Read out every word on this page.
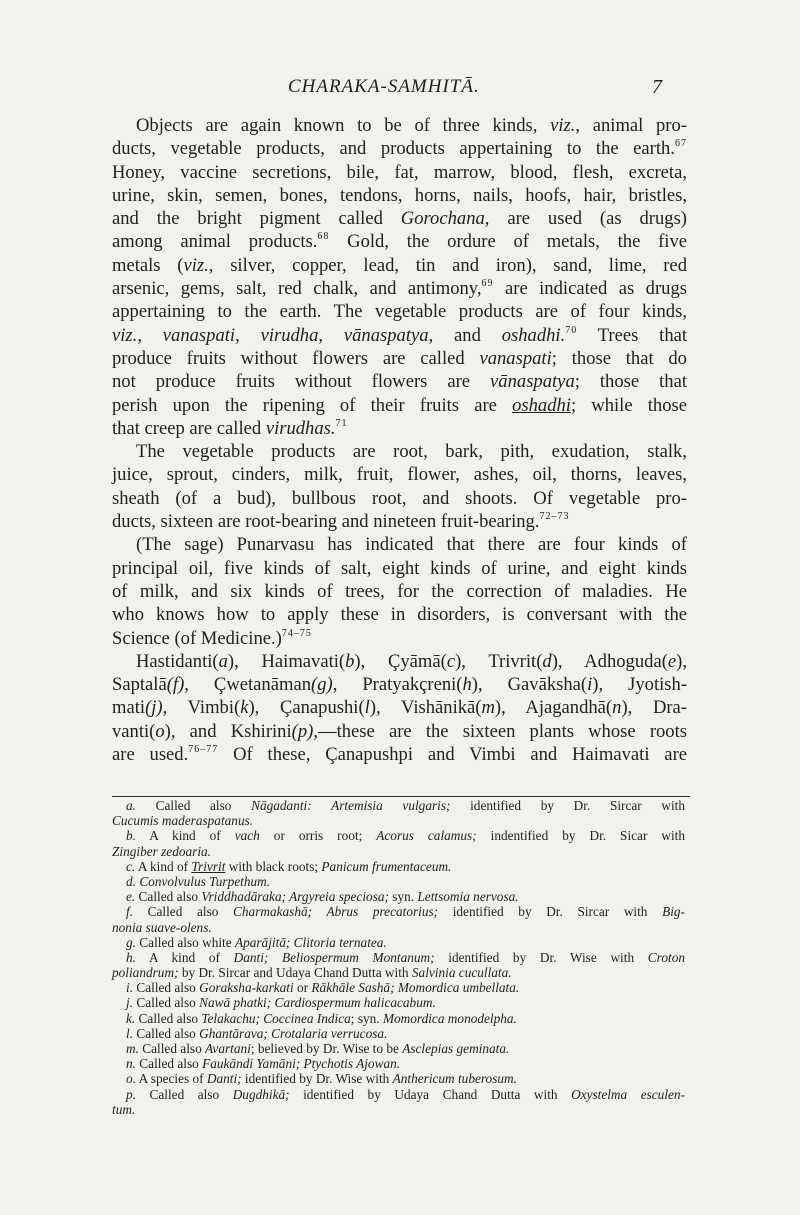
CHARAKA-SAMHITĀ.	7
Objects are again known to be of three kinds, viz., animal pro-
ducts, vegetable products, and products appertaining to the earth.$^{67}$
Honey, vaccine secretions, bile, fat, marrow, blood, flesh, excreta,
urine, skin, semen, bones, tendons, horns, nails, hoofs, hair, bristles,
and the bright pigment called Gorochana, are used (as drugs)
among animal products.$^{68}$ Gold, the ordure of metals, the five
metals (viz., silver, copper, lead, tin and iron), sand, lime, red
arsenic, gems, salt, red chalk, and antimony,$^{69}$ are indicated as drugs
appertaining to the earth. The vegetable products are of four kinds,
viz., vanaspati, virudha, vānaspatya, and oshadhi.$^{70}$ Trees that
produce fruits without flowers are called vanaspati; those that do
not produce fruits without flowers are vānaspatya; those that
perish upon the ripening of their fruits are oshadhi; while those
that creep are called virudhas.$^{71}$
The vegetable products are root, bark, pith, exudation, stalk,
juice, sprout, cinders, milk, fruit, flower, ashes, oil, thorns, leaves,
sheath (of a bud), bullbous root, and shoots. Of vegetable pro-
ducts, sixteen are root-bearing and nineteen fruit-bearing.$^{72-73}$
(The sage) Punarvasu has indicated that there are four kinds of
principal oil, five kinds of salt, eight kinds of urine, and eight kinds
of milk, and six kinds of trees, for the correction of maladies. He
who knows how to apply these in disorders, is conversant with the
Science (of Medicine.)$^{74-75}$
Hastidanti(a), Haimavati(b), Çyāmā(c), Trivrit(d), Adhoguda(e),
Saptalā(f), Çwetanāman(g), Pratyakçreni(h), Gavāksha(i), Jyotish-
mati(j), Vimbi(k), Çanapushi(l), Vishānikā(m), Ajagandhā(n), Dra-
vanti(o), and Kshirini(p),—these are the sixteen plants whose roots
are used.$^{76-77}$ Of these, Çanapushpi and Vimbi and Haimavati are
a. Called also Nāgadanti: Artemisia vulgaris; identified by Dr. Sircar with
Cucumis maderaspatanus.
b. A kind of vach or orris root; Acorus calamus; indentified by Dr. Sicar with
Zingiber zedoaria.
c. A kind of Trivrit with black roots; Panicum frumentaceum.
d. Convolvulus Turpethum.
e. Called also Vriddhadāraka; Argyreia speciosa; syn. Lettsomia nervosa.
f. Called also Charmakashā; Abrus precatorius; identified by Dr. Sircar with Big-
nonia suave-olens.
g. Called also white Aparājitā; Clitoria ternatea.
h. A kind of Danti; Beliospermum Montanum; identified by Dr. Wise with Croton
poliandrum; by Dr. Sircar and Udaya Chand Dutta with Salvinia cucullata.
i. Called also Goraksha-karkati or Rākhāle Sashā; Momordica umbellata.
j. Called also Nawā phatki; Cardiospermum halicacabum.
k. Called also Telakachu; Coccinea Indica; syn. Momordica monodelpha.
l. Called also Ghantārava; Crotalaria verrucosa.
m. Called also Avartani; believed by Dr. Wise to be Asclepias geminata.
n. Called also Faukāndi Yamāni; Ptychotis Ajowan.
o. A species of Danti; identified by Dr. Wise with Anthericum tuberosum.
p. Called also Dugdhikā; identified by Udaya Chand Dutta with Oxystelma esculen-
tum.
